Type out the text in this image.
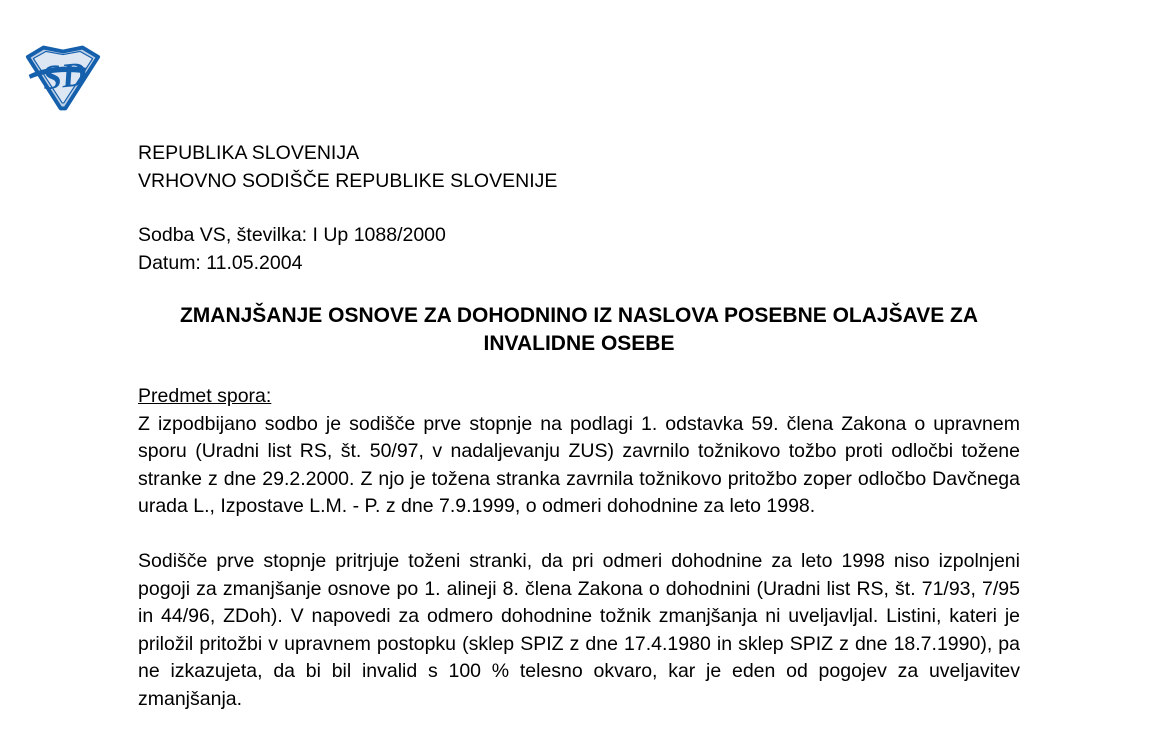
SD
REPUBLIKA SLOVENIJA
VRHOVNO SODIŠČE REPUBLIKE SLOVENIJE
Sodba VS, številka: I Up 1088/2000
Datum: 11.05.2004
ZMANJŠANJE OSNOVE ZA DOHODNINO IZ NASLOVA POSEBNE OLAJŠAVE ZA INVALIDNE OSEBE
Predmet spora:

Z izpodbijano sodbo je sodišče prve stopnje na podlagi 1. odstavka 59. člena Zakona o upravnem sporu (Uradni list RS, št. 50/97, v nadaljevanju ZUS) zavrnilo tožnikovo tožbo proti odločbi tožene stranke z dne 29.2.2000. Z njo je tožena stranka zavrnila tožnikovo pritožbo zoper odločbo Davčnega urada L., Izpostave L.M. - P. z dne 7.9.1999, o odmeri dohodnine za leto 1998.

Sodišče prve stopnje pritrjuje toženi stranki, da pri odmeri dohodnine za leto 1998 niso izpolnjeni pogoji za zmanjšanje osnove po 1. alineji 8. člena Zakona o dohodnini (Uradni list RS, št. 71/93, 7/95 in 44/96, ZDoh). V napovedi za odmero dohodnine tožnik zmanjšanja ni uveljavljal. Listini, kateri je priložil pritožbi v upravnem postopku (sklep SPIZ z dne 17.4.1980 in sklep SPIZ z dne 18.7.1990), pa ne izkazujeta, da bi bil invalid s 100 % telesno okvaro, kar je eden od pogojev za uveljavitev zmanjšanja.
